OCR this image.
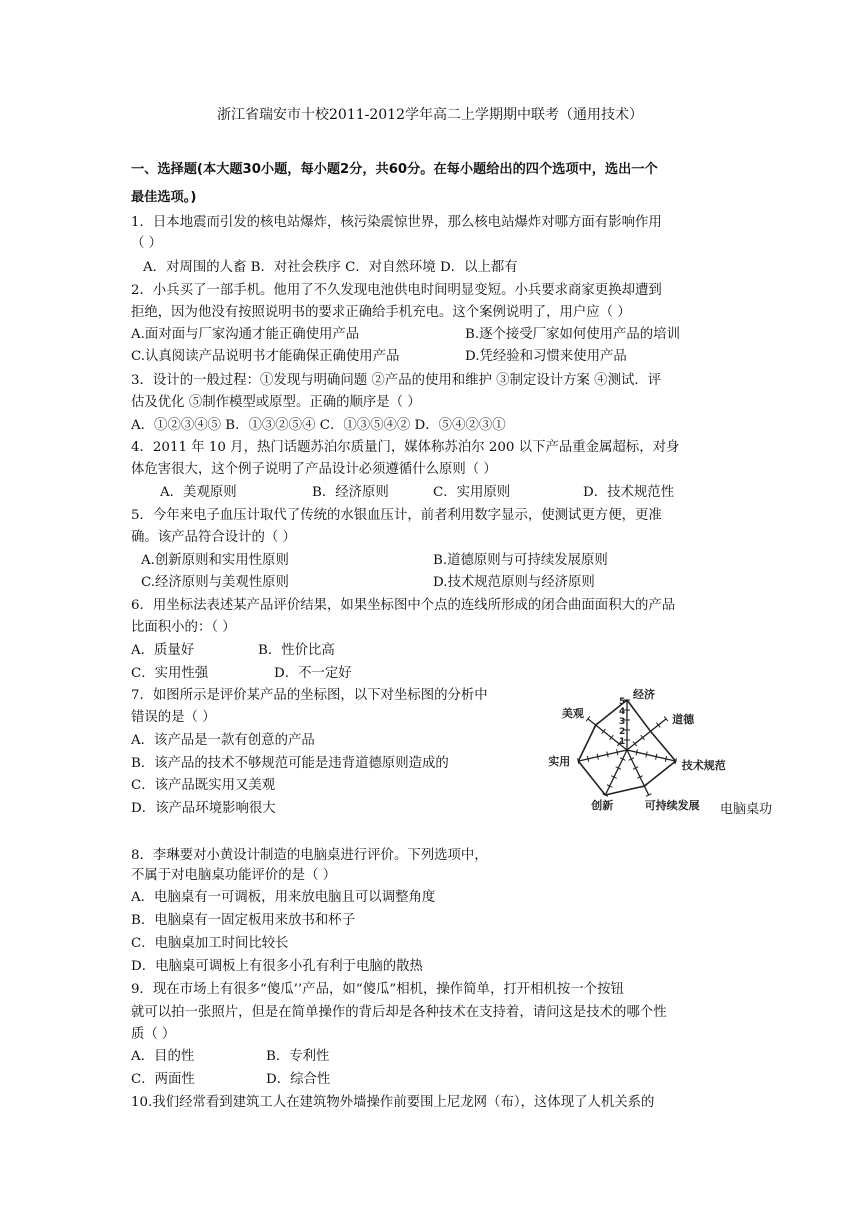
浙江省瑞安市十校2011-2012学年高二上学期期中联考（通用技术）
一、选择题(本大题30小题，每小题2分，共60分。在每小题给出的四个选项中，选出一个
最佳选项。)
1．日本地震而引发的核电站爆炸，核污染震惊世界，那么核电站爆炸对哪方面有影响作用
（ ）
A．对周围的人畜 B．对社会秩序 C．对自然环境 D．以上都有
2．小兵买了一部手机。他用了不久发现电池供电时间明显变短。小兵要求商家更换却遭到
拒绝，因为他没有按照说明书的要求正确给手机充电。这个案例说明了，用户应（ ）
A.面对面与厂家沟通才能正确使用产品	B.逐个接受厂家如何使用产品的培训
C.认真阅读产品说明书才能确保正确使用产品	D.凭经验和习惯来使用产品
3．设计的一般过程：①发现与明确问题 ②产品的使用和维护 ③制定设计方案 ④测试．评
估及优化 ⑤制作模型或原型。正确的顺序是（ ）
A．①②③④⑤ B．①③②⑤④ C．①③⑤④② D．⑤④②③①
4．2011 年 10 月，热门话题苏泊尔质量门，媒体称苏泊尔 200 以下产品重金属超标，对身
体危害很大，这个例子说明了产品设计必须遵循什么原则（ ）
A．美观原则	B．经济原则	C．实用原则	D．技术规范性
5．今年来电子血压计取代了传统的水银血压计，前者利用数字显示，使测试更方便，更准
确。该产品符合设计的（ ）
A.创新原则和实用性原则	B.道德原则与可持续发展原则
C.经济原则与美观性原则	D.技术规范原则与经济原则
6．用坐标法表述某产品评价结果，如果坐标图中个点的连线所形成的闭合曲面面积大的产品
比面积小的：（ ）
A．质量好	B．性价比高
C．实用性强	D．不一定好
7．如图所示是评价某产品的坐标图，以下对坐标图的分析中
错误的是（ ）
A．该产品是一款有创意的产品
B．该产品的技术不够规范可能是违背道德原则造成的
C．该产品既实用又美观
D．该产品环境影响很大
5
4
3
2
1
经济
道德
技术规范
可持续发展
创新
实用
美观
电脑桌功
8．李琳要对小黄设计制造的电脑桌进行评价。下列选项中，
不属于对电脑桌功能评价的是（ ）
A．电脑桌有一可调板，用来放电脑且可以调整角度
B．电脑桌有一固定板用来放书和杯子
C．电脑桌加工时间比较长
D．电脑桌可调板上有很多小孔有利于电脑的散热
9．现在市场上有很多“傻瓜’’产品，如“傻瓜”相机，操作简单，打开相机按一个按钮
就可以拍一张照片，但是在简单操作的背后却是各种技术在支持着，请问这是技术的哪个性
质（ ）
A．目的性	B．专利性
C．两面性	D．综合性
10.我们经常看到建筑工人在建筑物外墙操作前要围上尼龙网（布），这体现了人机关系的
